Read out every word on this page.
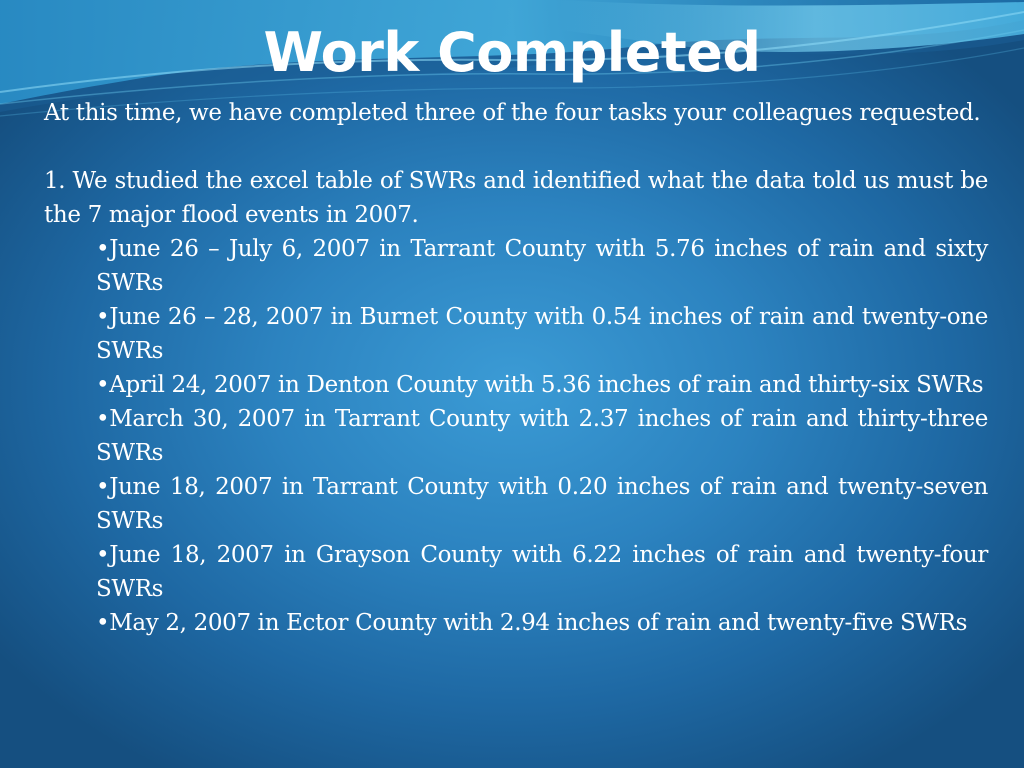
Work Completed

At this time, we have completed three of the four tasks your colleagues requested.

1. We studied the excel table of SWRs and identified what the data told us must be the 7 major flood events in 2007.

•June 26 – July 6, 2007 in Tarrant County with 5.76 inches of rain and sixty SWRs
•June 26 – 28, 2007 in Burnet County with 0.54 inches of rain and twenty-one SWRs
•April 24, 2007 in Denton County with 5.36 inches of rain and thirty-six SWRs
•March 30, 2007 in Tarrant County with 2.37 inches of rain and thirty-three SWRs
•June 18, 2007 in Tarrant County with 0.20 inches of rain and twenty-seven SWRs
•June 18, 2007 in Grayson County with 6.22 inches of rain and twenty-four SWRs
•May 2, 2007 in Ector County with 2.94 inches of rain and twenty-five SWRs
